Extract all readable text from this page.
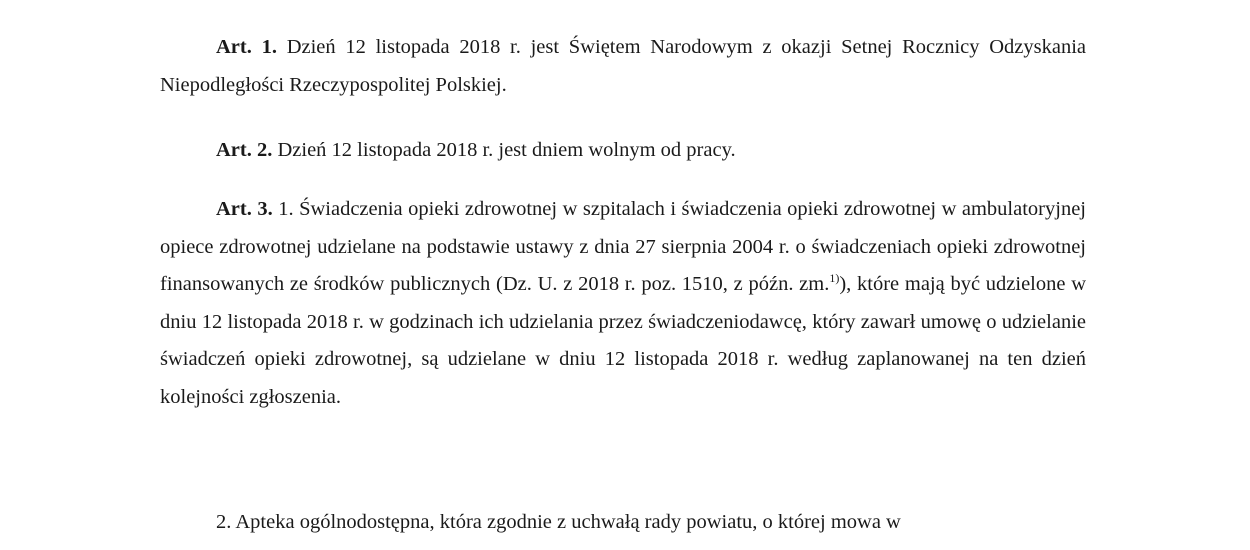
Art. 1. Dzień 12 listopada 2018 r. jest Świętem Narodowym z okazji Setnej Rocznicy Odzyskania Niepodległości Rzeczypospolitej Polskiej.

Art. 2. Dzień 12 listopada 2018 r. jest dniem wolnym od pracy.

Art. 3. 1. Świadczenia opieki zdrowotnej w szpitalach i świadczenia opieki zdrowotnej w ambulatoryjnej opiece zdrowotnej udzielane na podstawie ustawy z dnia 27 sierpnia 2004 r. o świadczeniach opieki zdrowotnej finansowanych ze środków publicznych (Dz. U. z 2018 r. poz. 1510, z późn. zm.$^{1)}$), które mają być udzielone w dniu 12 listopada 2018 r. w godzinach ich udzielania przez świadczeniodawcę, który zawarł umowę o udzielanie świadczeń opieki zdrowotnej, są udzielane w dniu 12 listopada 2018 r. według zaplanowanej na ten dzień kolejności zgłoszenia.

2. Apteka ogólnodostępna, która zgodnie z uchwałą rady powiatu, o której mowa w
